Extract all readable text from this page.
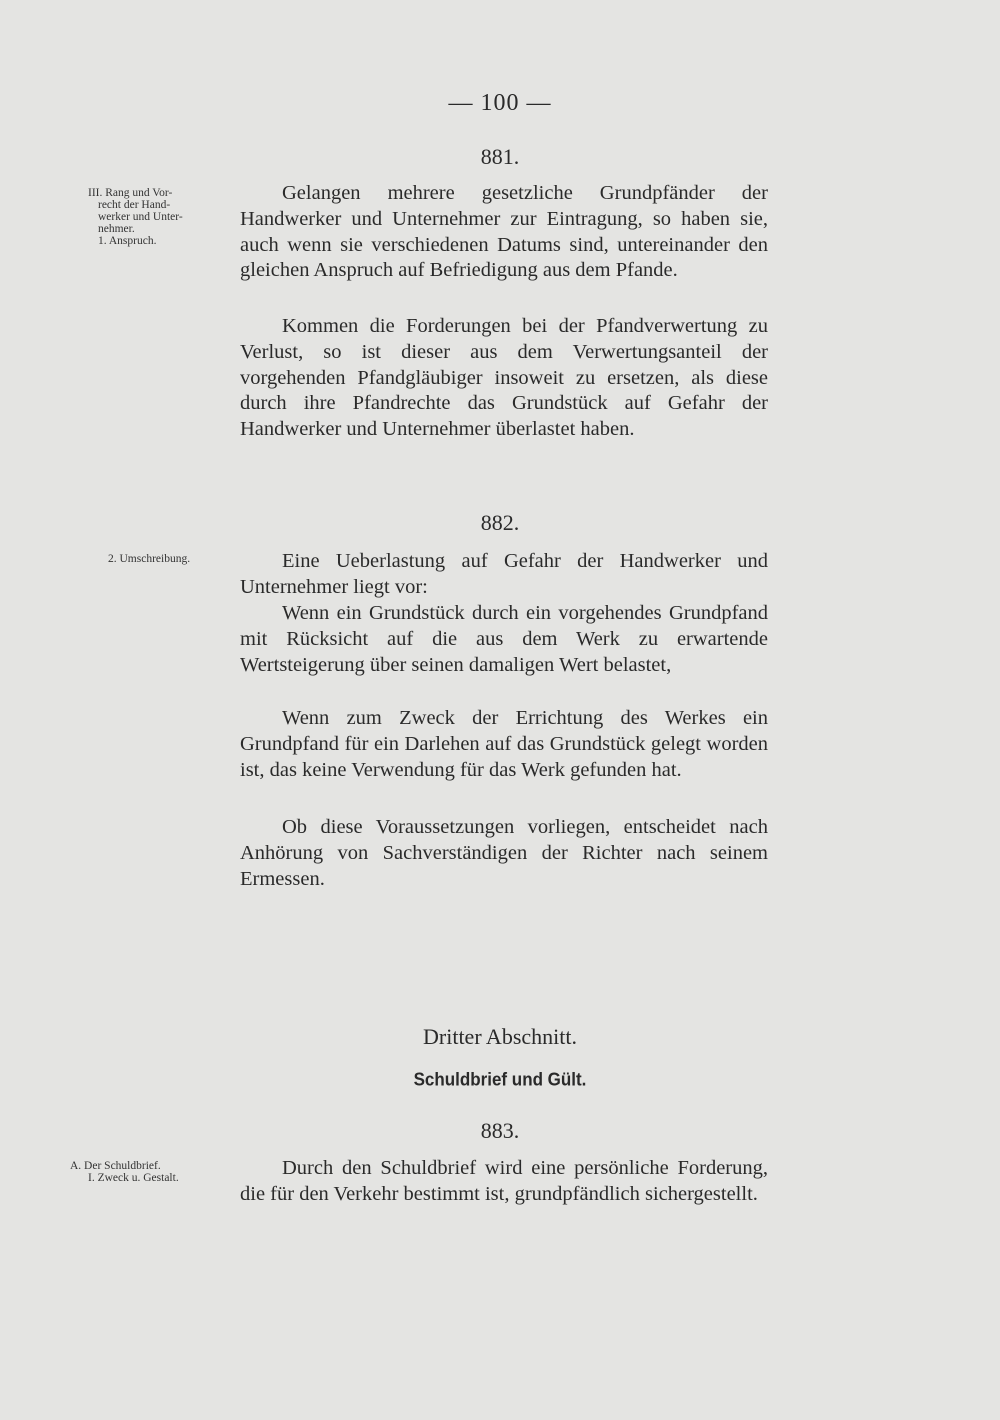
— 100 —
881.
III. Rang und Vor-
recht der Hand-
werker und Unter-
nehmer.
1. Anspruch.

Gelangen mehrere gesetzliche Grundpfänder der Handwerker und Unternehmer zur Eintragung, so haben sie, auch wenn sie verschiedenen Datums sind, untereinander den gleichen Anspruch auf Befriedigung aus dem Pfande.

Kommen die Forderungen bei der Pfandverwertung zu Verlust, so ist dieser aus dem Verwertungsanteil der vorgehenden Pfandgläubiger insoweit zu ersetzen, als diese durch ihre Pfandrechte das Grundstück auf Gefahr der Handwerker und Unternehmer überlastet haben.

882.
2. Umschreibung.	Eine Ueberlastung auf Gefahr der Handwerker und Unternehmer liegt vor:

Wenn ein Grundstück durch ein vorgehendes Grundpfand mit Rücksicht auf die aus dem Werk zu erwartende Wertsteigerung über seinen damaligen Wert belastet,

Wenn zum Zweck der Errichtung des Werkes ein Grundpfand für ein Darlehen auf das Grundstück gelegt worden ist, das keine Verwendung für das Werk gefunden hat.

Ob diese Voraussetzungen vorliegen, entscheidet nach Anhörung von Sachverständigen der Richter nach seinem Ermessen.

Dritter Abschnitt.
Schuldbrief und Gült.
883.
A. Der Schuldbrief.
I. Zweck u. Gestalt.	Durch den Schuldbrief wird eine persönliche Forderung, die für den Verkehr bestimmt ist, grundpfändlich sichergestellt.
